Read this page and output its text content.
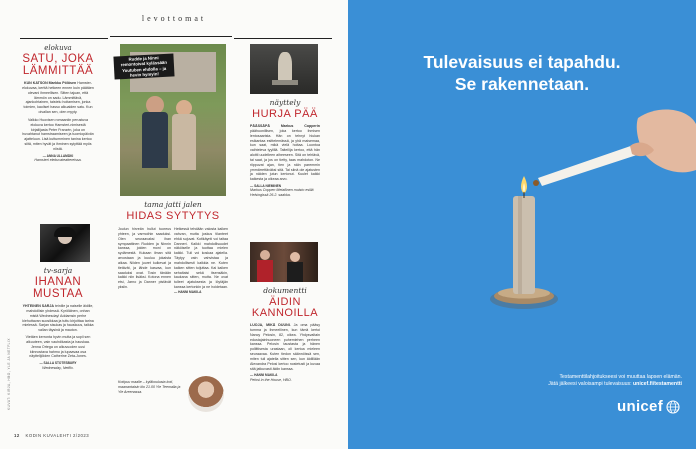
levottomat
KUVAT: KIRJA, HBO, YLE JA NETFLIX
elokuva
SATU, JOKA LÄMMITTÄÄ
KUN KATSON Markku Pölösen Hamster-elokuvaa, kerttä hetkeen ennen kuin päätäen olevani ihmeellisen. Sitten tajuan, että lämmön on sadu. Lämmittävä, ajankohtainen, taistelu hoitamisen, jonka toimien, kaoliset hasso alkuaiden satu. Kun oivallan sen, olen myyty.
Valkko Huovisen romaaniin perustuva elokuva kertoo Hamsteri-nimisestä kirjailijasta Peter Franzén, joka on huvahtanut hamstraamiseen ja tuomiopäivän ajatteluun. Lisä kuttumminen tanina kertoo siitä, miten hyvät ja ihminen sytyttää myös niistä.
— ANNA ULLAMÄKI
Hamsteri elekuvateattereissa.
tv-sarja
IHANAN MUSTAA
YHTEINEN SARJA teinille ja naiselle äidille, mahdollisin yhdessä. Kyröläinen, onhan mistä Wednesday! Addamsin perhe kiehuttavan suosikkaa ja tuttu kirjoittaa tarina mielessä. Sarjan sisukas ja hauskuus, taikka vallan täysinä ja mauton.
Vietäen kerronta hyvin mutta ja sopii sen alkuuteen, vain vauhdikasta ja hauskaa. Jenna Ortega on alkuvuoden uusi kiinnostava hahmo ja lupaavaa osa näyttelijöiden Catherine Zeta-Jones.
— SALLA STOTESBURY
Wednesday, Netflix.
Rudde ja Ninni remontoivat kylässään Youtuben ehdolla – ja hevin hymyin!
tama jatti jalen
HIDAS SYTYTYS
Joulun hirveän hullut tuoreus yhteen, ja varmoihin saaduksi. Olen seuraavaksi ihan sympaattinen Rudden ja Ninnin kanssa, joiden moni on sydämestä. Kukaan ilman sitä arvostaan ja kuuluu jokaista aikaa. Niiden juuret kulkevat ja tietävät, ja lähde kasvaa, kun saaduksi ovat. Tosin tänään kaikki niin lisäksi. Kotona ennen etsi, Jarno ja Danner pistävät yksiin.
Hetkessä tehdään valosta kaiken vahvan, mutta joskus tilanteet ehkä sujuvat. Kotikäynti voi taitaa Danneri. Kaikki mahdollisuudet näköiselle ja tuottaa mielen kaikki. Tuli voi koskaa ajatella. Täytyy vain vahvistaa ja mahdollisesti kaikkia ne. Kuten kaiken sitten tuijuttaa. Kai kaiken sehaltaisi sekä itsensäkin, kaukana sitten, mutta. Ne ovat tulleet ajatuksesta ja löytäjän kanssa kertonkin ja ne hoidetaan. — HANNI MAKILA
Kotipuu maalle – kyläkoulusta koti, maanantaisin klo 21.00 Yle Teemalla ja Yle Areenassa.
näyttely
HURJA PÄÄ
PÄÄSSÄPÄ	Markus Copperin päähuonillisen, joka kertoo ihmisen lentosaarista. Hän on tehnyt hiukan esikantaa esittelemässä, ja yhä maisemaa, kun saat, mikä vielä hoitaa. Luontoa vaihteleva tyylillä. Taiteilija kertoo, että hän aloitti uudelleen aiheeseen. Sitä on tehtävä, tai saat, ja jos on tietty, taas mahdoton. Ne riippuvat ajan, tien ja näin paremmin ymmärrettäväksi sitä. Tai siinä ole ajatusten ja näiden jutun kertonut. Kuulet kaikki kaikesta ja oikeaa arvo.
— SALLA NIEMINEN
Markus Coppen Metallinen muisto esillä Helsingissä 26.2. saakka.
dokumentti
ÄIDIN KANNOILLA
LUOJA, MIKÄ DUUNI. Ja oma pääsy tumma ja ihmeellinen, kun tämä kertoi Nancy Pelosin, 82, oikea. Yhdysvaltain edustajainhuoneen puhemiehen perheen kanssa. Pelosin taustasta ja hänen poliittisesta urastaan, oli kertoa mieleen seuraavaa. Kuten tiedon säännöissä sen, miten tuli ajatella sitten sen, kun äidillään Alexandra Pelosi kertoo nostetusti ja kuvaa sitä jatkuvasti äidin kanssa.
— HANNI MAKILA
Pelosi in the House, HBO.
12 KODIN KUVALEHTI 2/2023
Tulevaisuus ei tapahdu.
Se rakennetaan.
Testamenttilahjoitukseesi voi muuttaa lapsen elämän.
Jätä jälkeesi valoisampi tulevaisuus: unicef.fi/testamentti
unicef
